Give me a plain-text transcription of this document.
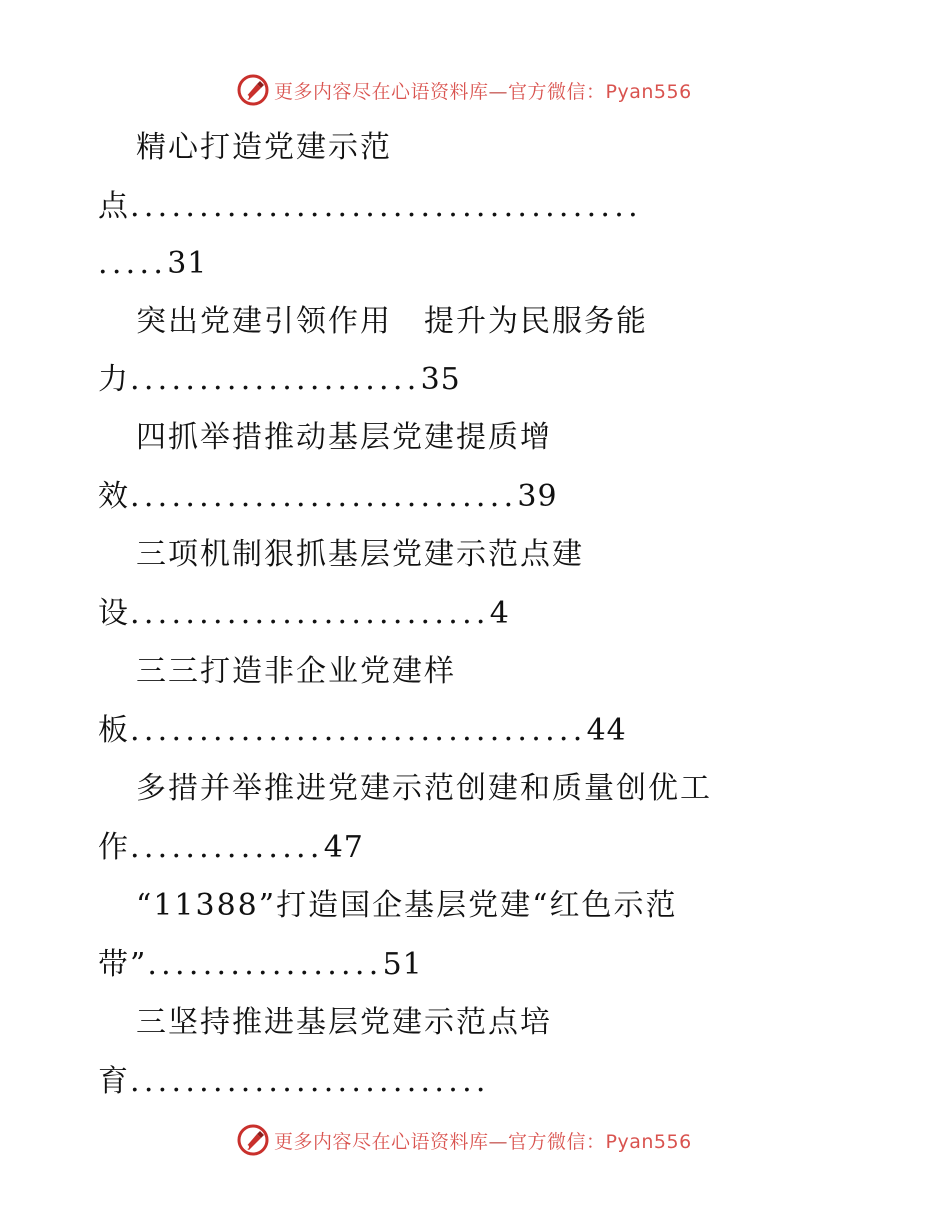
更多内容尽在心语资料库—官方微信：Pyan556
精心打造党建示范
点.....................................
.....31
突出党建引领作用　提升为民服务能
力.....................35
四抓举措推动基层党建提质增
效............................39
三项机制狠抓基层党建示范点建
设..........................4
三三打造非企业党建样
板.................................44
多措并举推进党建示范创建和质量创优工
作..............47
“11388”打造国企基层党建“红色示范
带”.................51
三坚持推进基层党建示范点培
育..........................
更多内容尽在心语资料库—官方微信：Pyan556
